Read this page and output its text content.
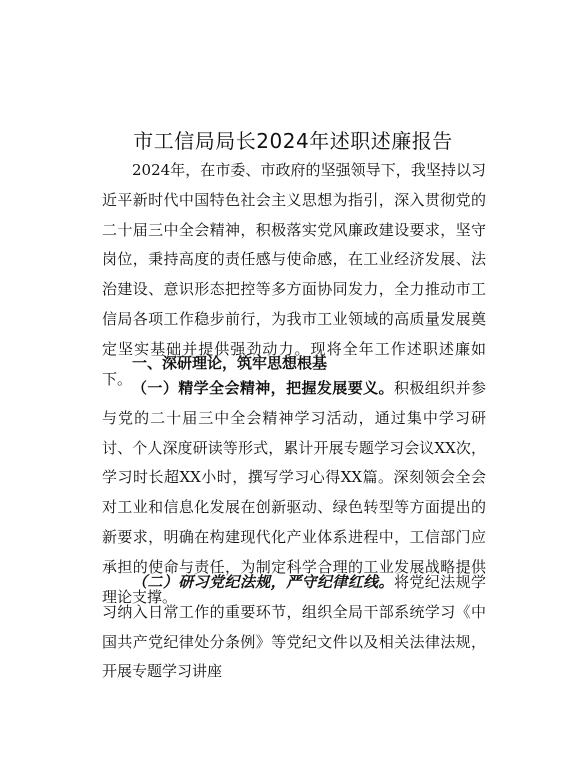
市工信局局长2024年述职述廉报告
2024年，在市委、市政府的坚强领导下，我坚持以习近平新时代中国特色社会主义思想为指引，深入贯彻党的二十届三中全会精神，积极落实党风廉政建设要求，坚守岗位，秉持高度的责任感与使命感，在工业经济发展、法治建设、意识形态把控等多方面协同发力，全力推动市工信局各项工作稳步前行，为我市工业领域的高质量发展奠定坚实基础并提供强劲动力。现将全年工作述职述廉如下。
一、深研理论，筑牢思想根基
（一）精学全会精神，把握发展要义。积极组织并参与党的二十届三中全会精神学习活动，通过集中学习研讨、个人深度研读等形式，累计开展专题学习会议XX次，学习时长超XX小时，撰写学习心得XX篇。深刻领会全会对工业和信息化发展在创新驱动、绿色转型等方面提出的新要求，明确在构建现代化产业体系进程中，工信部门应承担的使命与责任，为制定科学合理的工业发展战略提供理论支撑。
（二）研习党纪法规，严守纪律红线。将党纪法规学习纳入日常工作的重要环节，组织全局干部系统学习《中国共产党纪律处分条例》等党纪文件以及相关法律法规，开展专题学习讲座
